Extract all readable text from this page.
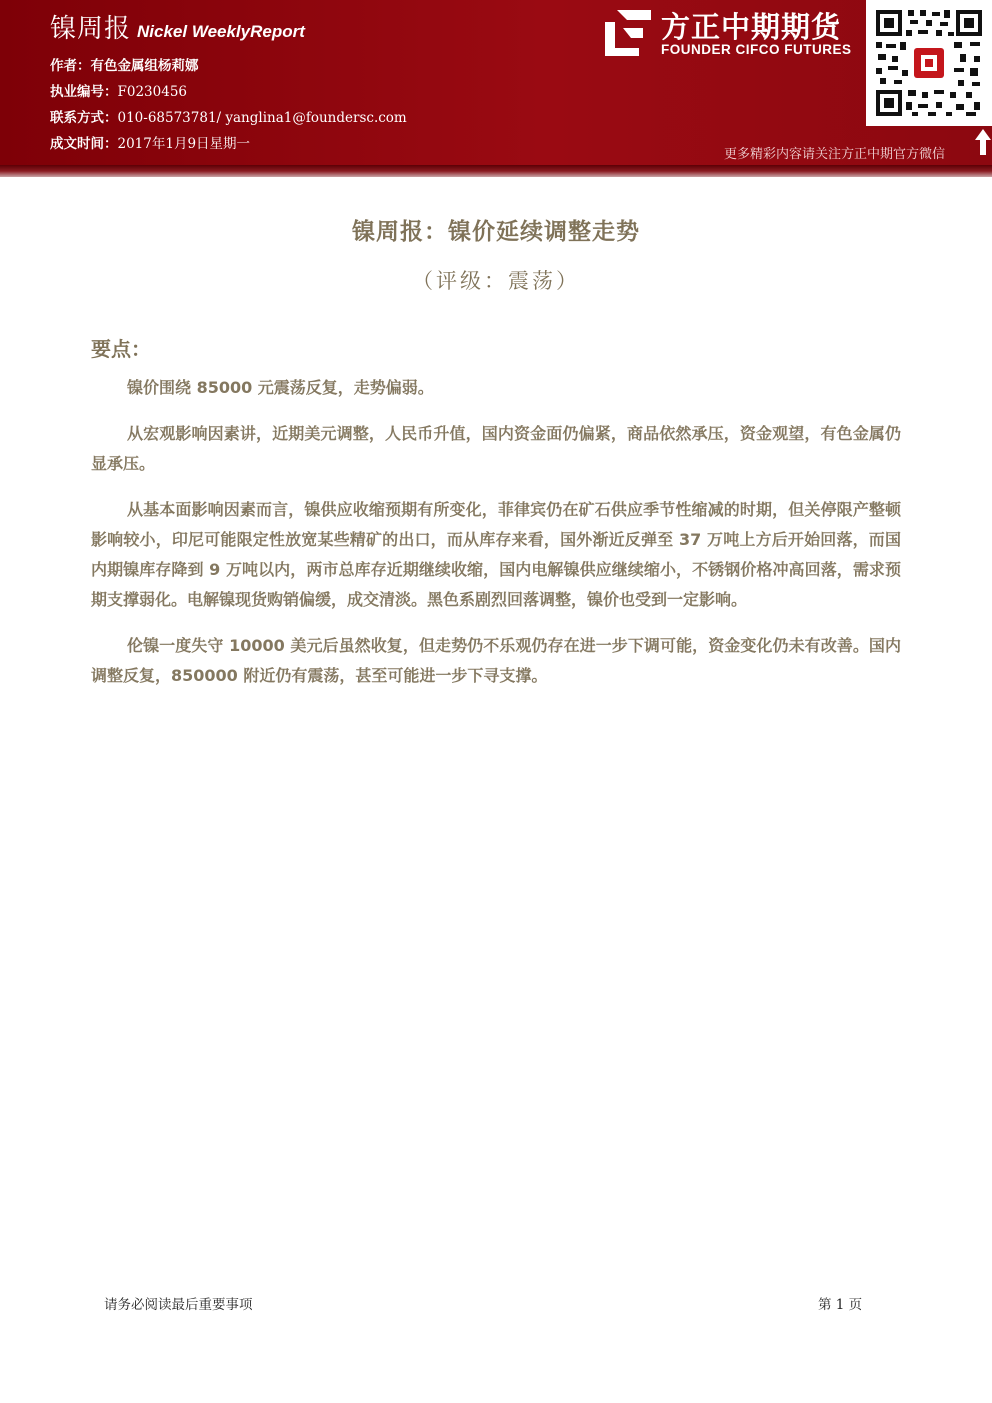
镍周报 Nickel WeeklyReport
作者：有色金属组杨莉娜
执业编号：F0230456
联系方式：010-68573781/ yanglina1@foundersc.com
成文时间：2017年1月9日星期一
方正中期期货
FOUNDER CIFCO FUTURES
更多精彩内容请关注方正中期官方微信
镍周报：镍价延续调整走势
（评级：震荡）
要点：

镍价围绕 85000 元震荡反复，走势偏弱。

从宏观影响因素讲，近期美元调整，人民币升值，国内资金面仍偏紧，商品依然承压，资金观望，有色金属仍显承压。

从基本面影响因素而言，镍供应收缩预期有所变化，菲律宾仍在矿石供应季节性缩减的时期，但关停限产整顿影响较小，印尼可能限定性放宽某些精矿的出口，而从库存来看，国外渐近反弹至 37 万吨上方后开始回落，而国内期镍库存降到 9 万吨以内，两市总库存近期继续收缩，国内电解镍供应继续缩小，不锈钢价格冲高回落，需求预期支撑弱化。电解镍现货购销偏缓，成交清淡。黑色系剧烈回落调整，镍价也受到一定影响。

伦镍一度失守 10000 美元后虽然收复，但走势仍不乐观仍存在进一步下调可能，资金变化仍未有改善。国内调整反复，850000 附近仍有震荡，甚至可能进一步下寻支撑。

请务必阅读最后重要事项	第 1 页
